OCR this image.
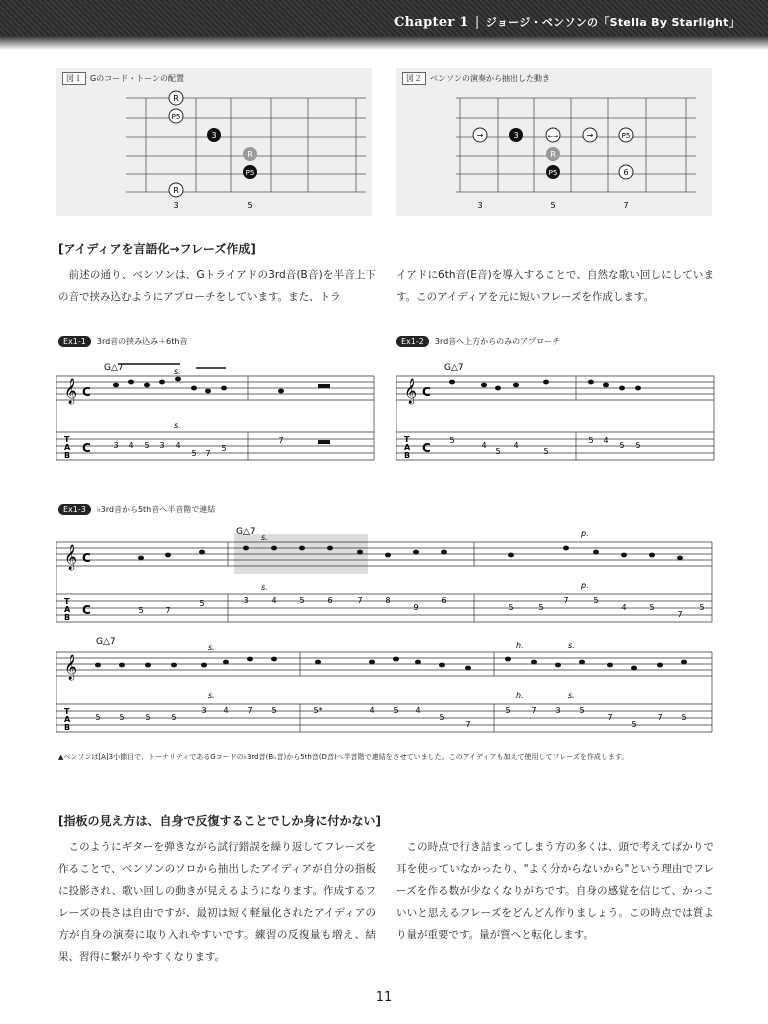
Chapter 1 | ジョージ・ベンソンの「Stella By Starlight」
図１	Gのコード・トーンの配置
R
P5
3
R
P5
R
3	5
図２	ベンソンの演奏から抽出した動き
→	3	←→	→	P5
R
P5	6
3	5	7
[アイディアを言語化→フレーズ作成]
前述の通り、ベンソンは、Gトライアドの3rd音(B音)を半音上下の音で挟み込むようにアプローチをしています。また、トラ
イアドに6th音(E音)を導入することで、自然な歌い回しにしています。このアイディアを元に短いフレーズを作成します。
Ex1-1	3rd音の挟み込み＋6th音
𝄞 C
T
A
B
C
G△7	s.
3 4 5 3 4
5 7
5
7
s.
Ex1-2	3rd音へ上方からのみのアプローチ
𝄞 C
T
A
B
C
G△7
5
4
5
4
5
5 4
5 5
Ex1-3	♭3rd音から5th音へ半音階で連結
𝄞 C
T
A
B
C
G△7
s.	p.
5	7
5	3	4	5	6	7	8
9
6
5	5
7	5
4	5
7
5
s.	p.
𝄞
T
A
B
G△7
s.	h.	s.
5 5	5	5
3 4 7 5	5*	4 5 4
5
7
5	7 3 5
7
5
7 5
s.	h.	s.
▲ベンソンは[A]3小節目で、トーナリティであるGコードの♭3rd音(B♭音)から5th音(D音)へ半音階で連結をさせていました。このアイディアも加えて使用してフレーズを作成します。
[指板の見え方は、自身で反復することでしか身に付かない]
このようにギターを弾きながら試行錯誤を繰り返してフレーズを作ることで、ベンソンのソロから抽出したアイディアが自分の指板に投影され、歌い回しの動きが見えるようになります。作成するフレーズの長さは自由ですが、最初は短く軽量化されたアイディアの方が自身の演奏に取り入れやすいです。練習の反復量も増え、結果、習得に繋がりやすくなります。
この時点で行き詰まってしまう方の多くは、頭で考えてばかりで耳を使っていなかったり、"よく分からないから"という理由でフレーズを作る数が少なくなりがちです。自身の感覚を信じて、かっこいいと思えるフレーズをどんどん作りましょう。この時点では質より量が重要です。量が質へと転化します。
11
